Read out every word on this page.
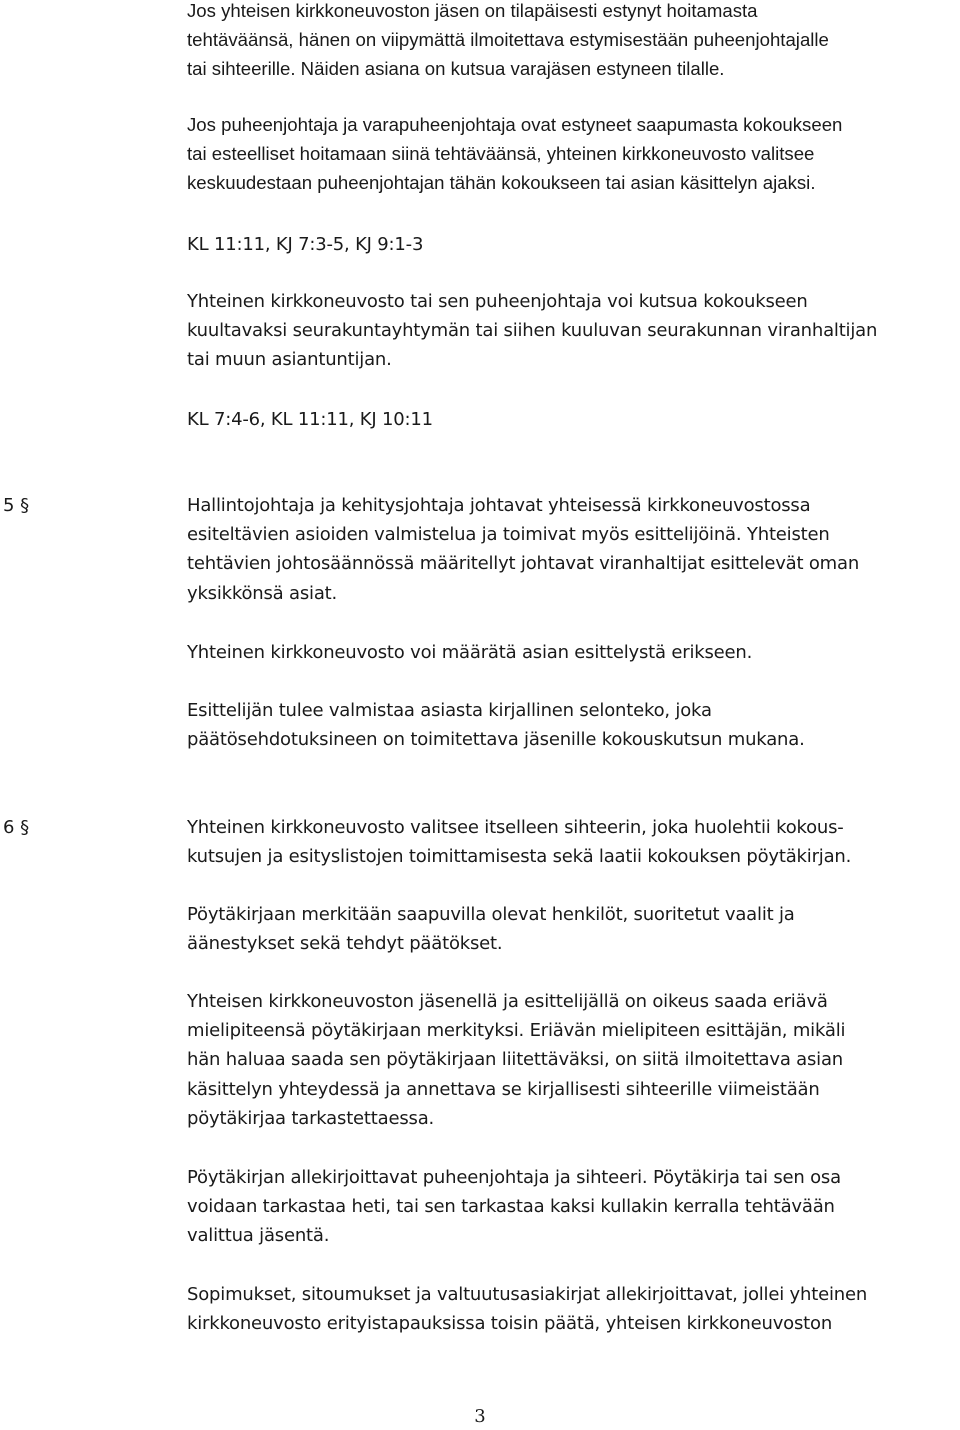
Jos yhteisen kirkkoneuvoston jäsen on tilapäisesti estynyt hoitamasta
tehtäväänsä, hänen on viipymättä ilmoitettava estymisestään puheenjohtajalle
tai sihteerille. Näiden asiana on kutsua varajäsen estyneen tilalle.

Jos puheenjohtaja ja varapuheenjohtaja ovat estyneet saapumasta kokoukseen
tai esteelliset hoitamaan siinä tehtäväänsä, yhteinen kirkkoneuvosto valitsee
keskuudestaan puheenjohtajan tähän kokoukseen tai asian käsittelyn ajaksi.

KL 11:11, KJ 7:3-5, KJ 9:1-3

Yhteinen kirkkoneuvosto tai sen puheenjohtaja voi kutsua kokoukseen
kuultavaksi seurakuntayhtymän tai siihen kuuluvan seurakunnan viranhaltijan
tai muun asiantuntijan.

KL 7:4-6, KL 11:11, KJ 10:11

5 §	Hallintojohtaja ja kehitysjohtaja johtavat yhteisessä kirkkoneuvostossa
esiteltävien asioiden valmistelua ja toimivat myös esittelijöinä. Yhteisten
tehtävien johtosäännössä määritellyt johtavat viranhaltijat esittelevät oman
yksikkönsä asiat.

Yhteinen kirkkoneuvosto voi määrätä asian esittelystä erikseen.

Esittelijän tulee valmistaa asiasta kirjallinen selonteko, joka
päätösehdotuksineen on toimitettava jäsenille kokouskutsun mukana.

6 §	Yhteinen kirkkoneuvosto valitsee itselleen sihteerin, joka huolehtii kokous-
kutsujen ja esityslistojen toimittamisesta sekä laatii kokouksen pöytäkirjan.

Pöytäkirjaan merkitään saapuvilla olevat henkilöt, suoritetut vaalit ja
äänestykset sekä tehdyt päätökset.

Yhteisen kirkkoneuvoston jäsenellä ja esittelijällä on oikeus saada eriävä
mielipiteensä pöytäkirjaan merkityksi. Eriävän mielipiteen esittäjän, mikäli
hän haluaa saada sen pöytäkirjaan liitettäväksi, on siitä ilmoitettava asian
käsittelyn yhteydessä ja annettava se kirjallisesti sihteerille viimeistään
pöytäkirjaa tarkastettaessa.

Pöytäkirjan allekirjoittavat puheenjohtaja ja sihteeri. Pöytäkirja tai sen osa
voidaan tarkastaa heti, tai sen tarkastaa kaksi kullakin kerralla tehtävään
valittua jäsentä.

Sopimukset, sitoumukset ja valtuutusasiakirjat allekirjoittavat, jollei yhteinen
kirkkoneuvosto erityistapauksissa toisin päätä, yhteisen kirkkoneuvoston

3
